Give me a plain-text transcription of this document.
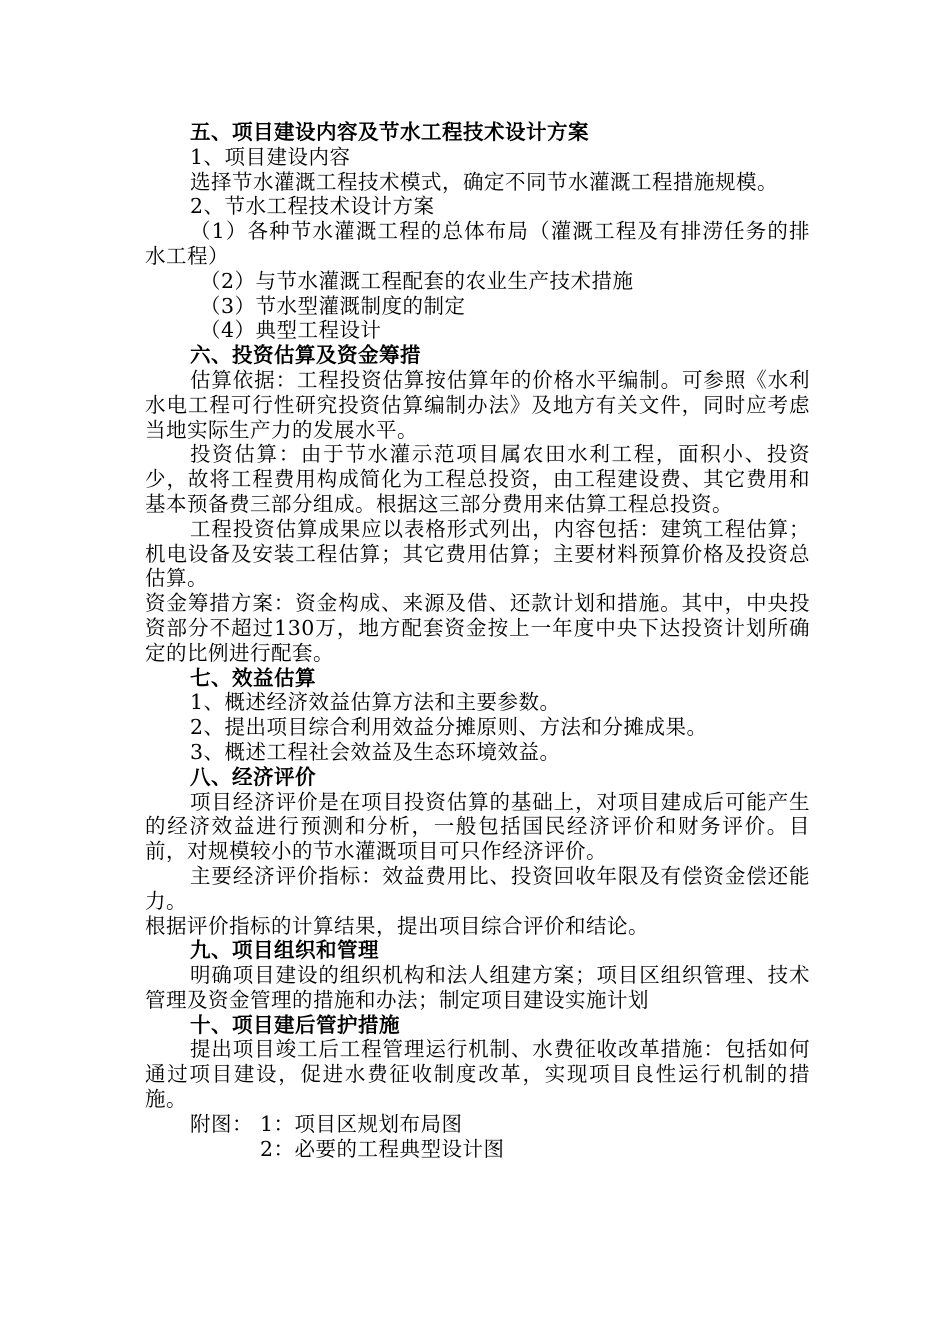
五、项目建设内容及节水工程技术设计方案
1、项目建设内容
选择节水灌溉工程技术模式，确定不同节水灌溉工程措施规模。
2、节水工程技术设计方案
（1）各种节水灌溉工程的总体布局（灌溉工程及有排涝任务的排水工程）
（2）与节水灌溉工程配套的农业生产技术措施
（3）节水型灌溉制度的制定
（4）典型工程设计
六、投资估算及资金筹措
估算依据：工程投资估算按估算年的价格水平编制。可参照《水利水电工程可行性研究投资估算编制办法》及地方有关文件，同时应考虑当地实际生产力的发展水平。
投资估算：由于节水灌示范项目属农田水利工程，面积小、投资少，故将工程费用构成简化为工程总投资，由工程建设费、其它费用和基本预备费三部分组成。根据这三部分费用来估算工程总投资。
工程投资估算成果应以表格形式列出，内容包括：建筑工程估算；机电设备及安装工程估算；其它费用估算；主要材料预算价格及投资总估算。
资金筹措方案：资金构成、来源及借、还款计划和措施。其中，中央投资部分不超过130万，地方配套资金按上一年度中央下达投资计划所确定的比例进行配套。
七、效益估算
1、概述经济效益估算方法和主要参数。
2、提出项目综合利用效益分摊原则、方法和分摊成果。
3、概述工程社会效益及生态环境效益。
八、经济评价
项目经济评价是在项目投资估算的基础上，对项目建成后可能产生的经济效益进行预测和分析，一般包括国民经济评价和财务评价。目前，对规模较小的节水灌溉项目可只作经济评价。
主要经济评价指标：效益费用比、投资回收年限及有偿资金偿还能力。
根据评价指标的计算结果，提出项目综合评价和结论。
九、项目组织和管理
明确项目建设的组织机构和法人组建方案；项目区组织管理、技术管理及资金管理的措施和办法；制定项目建设实施计划
十、项目建后管护措施
提出项目竣工后工程管理运行机制、水费征收改革措施：包括如何通过项目建设，促进水费征收制度改革，实现项目良性运行机制的措施。
附图： 1：项目区规划布局图
2：必要的工程典型设计图
